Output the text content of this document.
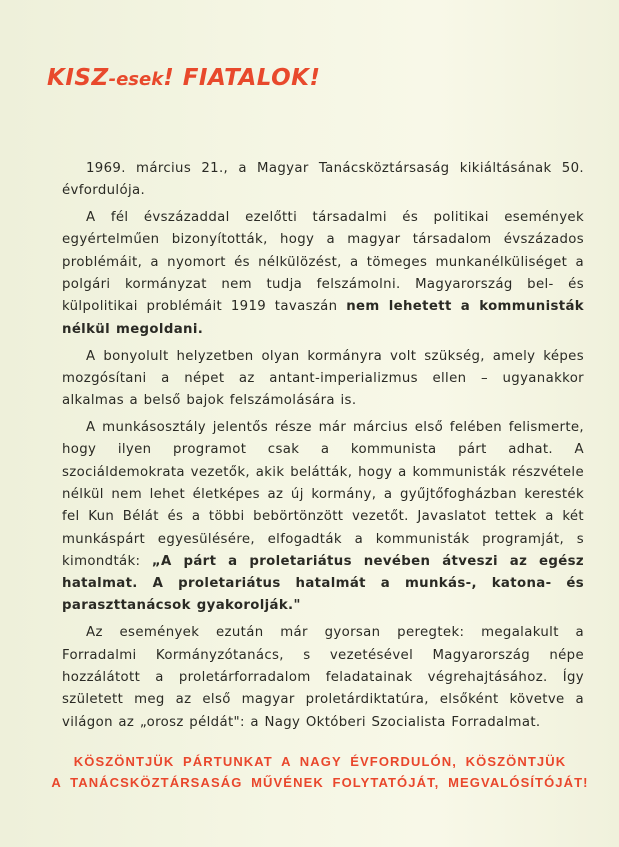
KISZ-esek! FIATALOK!

1969. március 21., a Magyar Tanácsköztársaság kikiáltásának 50. évfordulója.

A fél évszázaddal ezelőtti társadalmi és politikai események egyértelműen bizonyították, hogy a magyar társadalom évszázados problémáit, a nyomort és nélkülözést, a tömeges munkanélküliséget a polgári kormányzat nem tudja felszámolni. Magyarország bel- és külpolitikai problémáit 1919 tavaszán nem lehetett a kommunisták nélkül megoldani.

A bonyolult helyzetben olyan kormányra volt szükség, amely képes mozgósítani a népet az antant-imperializmus ellen – ugyanakkor alkalmas a belső bajok felszámolására is.

A munkásosztály jelentős része már március első felében felismerte, hogy ilyen programot csak a kommunista párt adhat. A szociáldemokrata vezetők, akik belátták, hogy a kommunisták részvétele nélkül nem lehet életképes az új kormány, a gyűjtőfogházban keresték fel Kun Bélát és a többi bebörtönzött vezetőt. Javaslatot tettek a két munkáspárt egyesülésére, elfogadták a kommunisták programját, s kimondták: „A párt a proletariátus nevében átveszi az egész hatalmat. A proletariátus hatalmát a munkás-, katona- és paraszttanácsok gyakorolják."

Az események ezután már gyorsan peregtek: megalakult a Forradalmi Kormányzótanács, s vezetésével Magyarország népe hozzálátott a proletárforradalom feladatainak végrehajtásához. Így született meg az első magyar proletárdiktatúra, elsőként követve a világon az „orosz példát": a Nagy Októberi Szocialista Forradalmat.

KÖSZÖNTJÜK PÁRTUNKAT A NAGY ÉVFORDULÓN, KÖSZÖNTJÜK
A TANÁCSKÖZTÁRSASÁG MŰVÉNEK FOLYTATÓJÁT, MEGVALÓSÍTÓJÁT!
